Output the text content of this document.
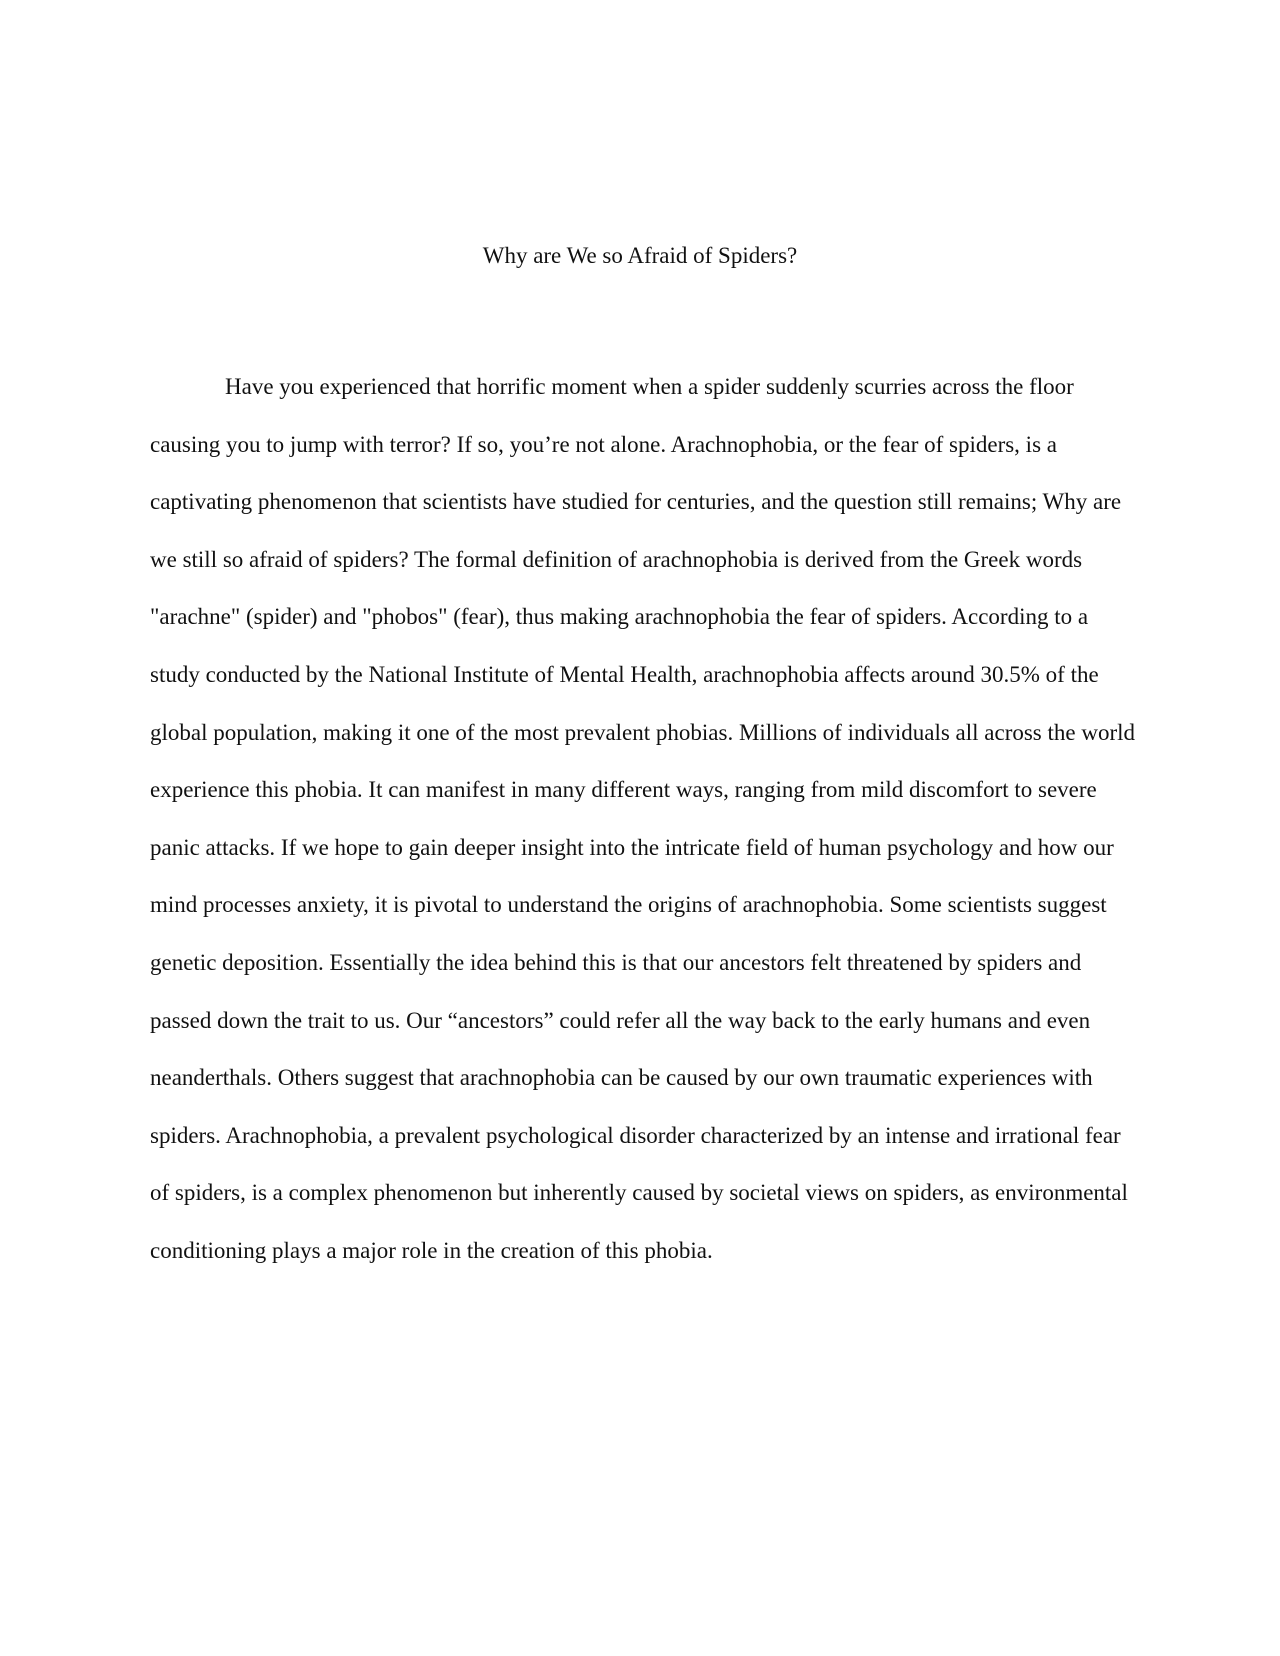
Why are We so Afraid of Spiders?

Have you experienced that horrific moment when a spider suddenly scurries across the floor causing you to jump with terror? If so, you’re not alone. Arachnophobia, or the fear of spiders, is a captivating phenomenon that scientists have studied for centuries, and the question still remains; Why are we still so afraid of spiders? The formal definition of arachnophobia is derived from the Greek words "arachne" (spider) and "phobos" (fear), thus making arachnophobia the fear of spiders. According to a study conducted by the National Institute of Mental Health, arachnophobia affects around 30.5% of the global population, making it one of the most prevalent phobias. Millions of individuals all across the world experience this phobia. It can manifest in many different ways, ranging from mild discomfort to severe panic attacks. If we hope to gain deeper insight into the intricate field of human psychology and how our mind processes anxiety, it is pivotal to understand the origins of arachnophobia. Some scientists suggest genetic deposition. Essentially the idea behind this is that our ancestors felt threatened by spiders and passed down the trait to us. Our “ancestors” could refer all the way back to the early humans and even neanderthals. Others suggest that arachnophobia can be caused by our own traumatic experiences with spiders. Arachnophobia, a prevalent psychological disorder characterized by an intense and irrational fear of spiders, is a complex phenomenon but inherently caused by societal views on spiders, as environmental conditioning plays a major role in the creation of this phobia.
